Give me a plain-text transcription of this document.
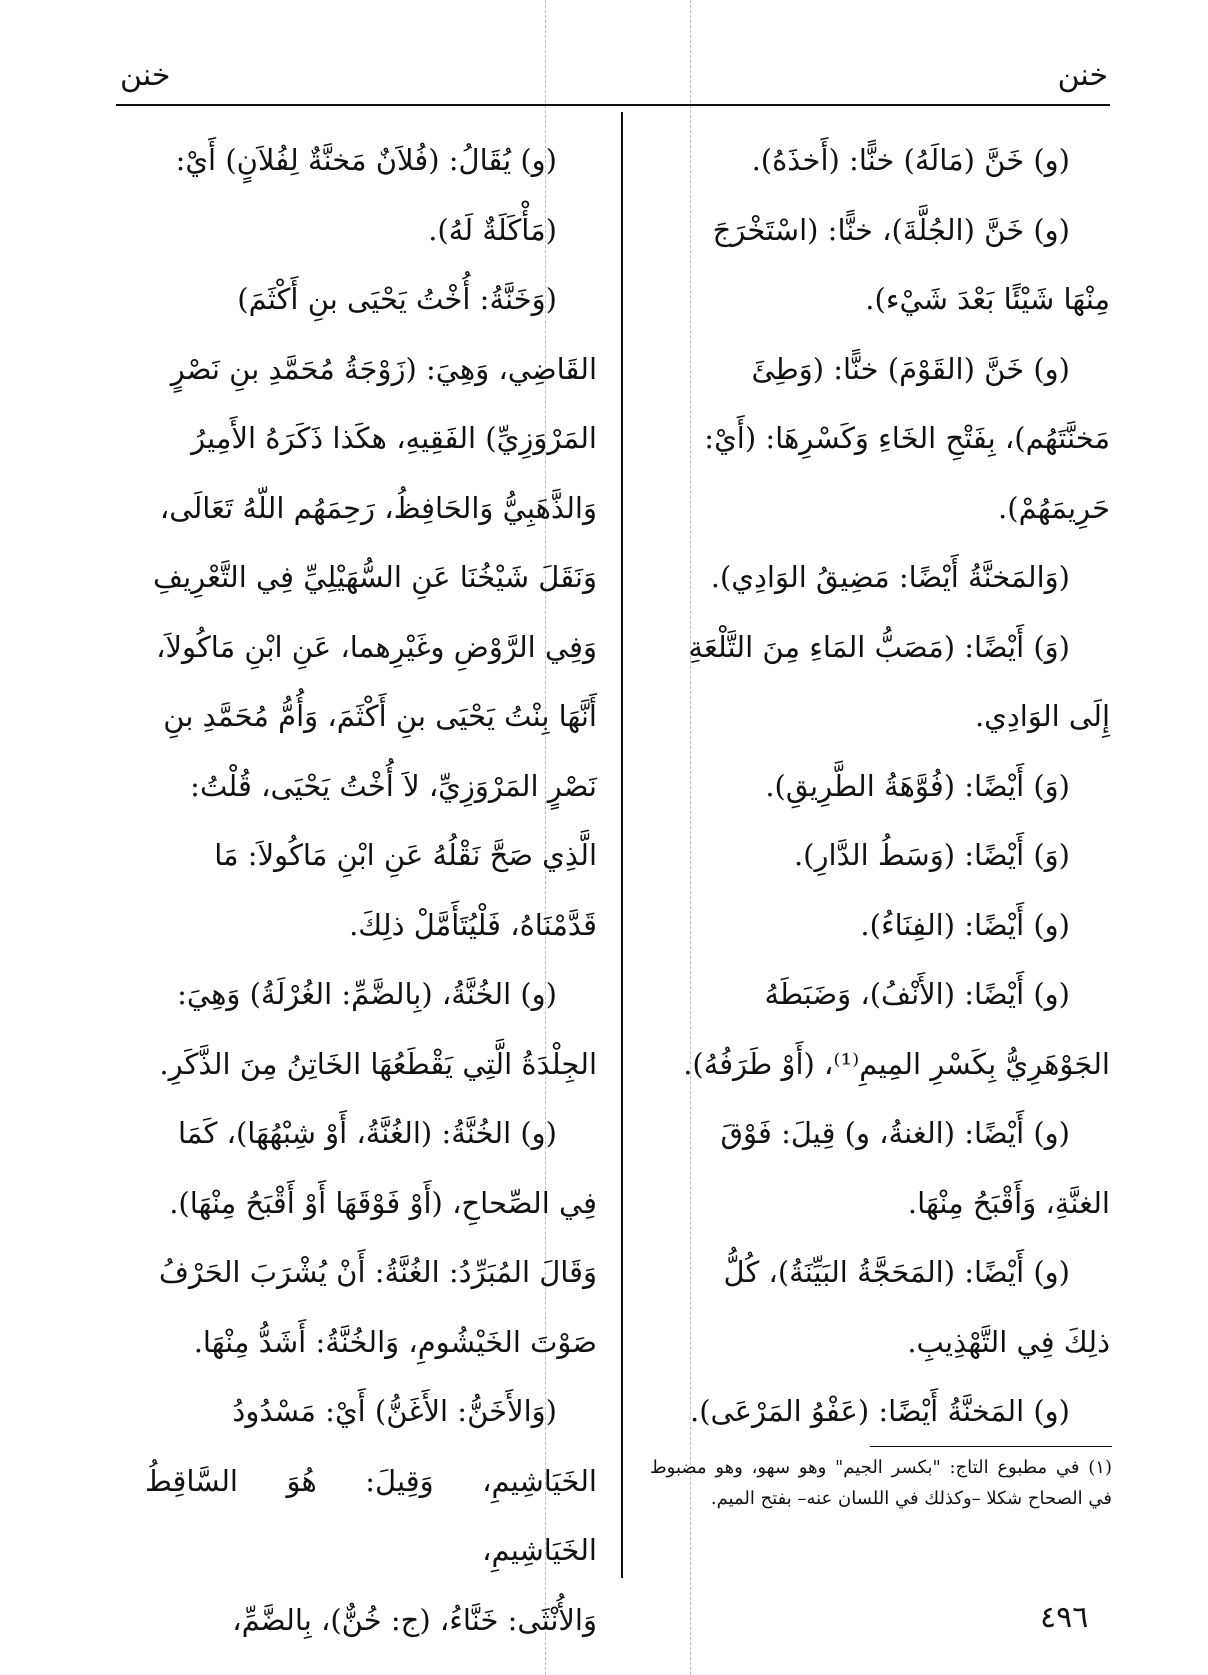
خنن
خنن

(و) خَنَّ (مَالَهُ) خنًّا: (أَخذَهُ).

(و) خَنَّ (الجُلَّةَ)، خنًّا: (اسْتَخْرَجَ

مِنْهَا شَيْئًا بَعْدَ شَيْء).

(و) خَنَّ (القَوْمَ) خنًّا: (وَطِئَ

مَخنَّتَهُم)، بِفَتْحِ الخَاءِ وَكَسْرِهَا: (أَيْ:

حَرِيمَهُمْ).

(وَالمَخنَّةُ أَيْضًا: مَضِيقُ الوَادِي).

(وَ) أَيْضًا: (مَصَبُّ المَاءِ مِنَ التَّلْعَةِ

إِلَى الوَادِي.

(وَ) أَيْضًا: (فُوَّهَةُ الطَّرِيقِ).

(وَ) أَيْضًا: (وَسَطُ الدَّارِ).

(و) أَيْضًا: (الفِنَاءُ).

(و) أَيْضًا: (الأَنْفُ)، وَضَبَطَهُ

الجَوْهَرِيُّ بِكَسْرِ المِيمِ⁽¹⁾، (أَوْ طَرَفُهُ).

(و) أَيْضًا: (الغنةُ، و) قِيلَ: فَوْقَ

الغنَّةِ، وَأَقْبَحُ مِنْهَا.

(و) أَيْضًا: (المَحَجَّةُ البَيِّنَةُ)، كُلُّ

ذلِكَ فِي التَّهْذِيبِ.

(و) المَخنَّةُ أَيْضًا: (عَفْوُ المَرْعَى).

(و) يُقَالُ: (فُلاَنٌ مَخنَّةٌ لِفُلاَنٍ) أَيْ:

(مَأْكَلَةٌ لَهُ).

(وَخَنَّةُ: أُخْتُ يَحْيَى بنِ أَكْثَمَ)

القَاضِي، وَهِيَ: (زَوْجَةُ مُحَمَّدِ بنِ نَصْرٍ

المَرْوَزِيِّ) الفَقِيهِ، هكَذا ذَكَرَهُ الأَمِيرُ

وَالذَّهَبِيُّ وَالحَافِظُ، رَحِمَهُم اللّهُ تَعَالَى،

وَنَقَلَ شَيْخُنَا عَنِ السُّهَيْلِيِّ فِي التَّعْرِيفِ

وَفِي الرَّوْضِ وغَيْرِهما، عَنِ ابْنِ مَاكُولاَ،

أَنَّهَا بِنْتُ يَحْيَى بنِ أَكْثَمَ، وَأُمُّ مُحَمَّدِ بنِ

نَصْرٍ المَرْوَزِيِّ، لاَ أُخْتُ يَحْيَى، قُلْتُ:

الَّذِي صَحَّ نَقْلُهُ عَنِ ابْنِ مَاكُولاَ: مَا

قَدَّمْنَاهُ، فَلْيُتَأَمَّلْ ذلِكَ.

(و) الخُنَّةُ، (بِالضَّمِّ: الغُرْلَةُ) وَهِيَ:

الجِلْدَةُ الَّتِي يَقْطَعُهَا الخَاتِنُ مِنَ الذَّكَرِ.

(و) الخُنَّةُ: (الغُنَّةُ، أَوْ شِبْهُهَا)، كَمَا

فِي الصِّحاحِ، (أَوْ فَوْقَهَا أَوْ أَقْبَحُ مِنْهَا).

وَقَالَ المُبَرِّدُ: الغُنَّةُ: أَنْ يُشْرَبَ الحَرْفُ

صَوْتَ الخَيْشُومِ، وَالخُنَّةُ: أَشَدُّ مِنْهَا.

(وَالأَخَنُّ: الأَغَنُّ) أَيْ: مَسْدُودُ

الخَيَاشِيمِ، وَقِيلَ: هُوَ السَّاقِطُ الخَيَاشِيمِ،

وَالأُنْثَى: خَنَّاءُ، (ج: خُنٌّ)، بِالضَّمِّ،

(١) في مطبوع التاج: "بكسر الجيم" وهو سهو، وهو مضبوط في الصحاح شكلا –وكذلك في اللسان عنه– بفتح الميم.
٤٩٦
